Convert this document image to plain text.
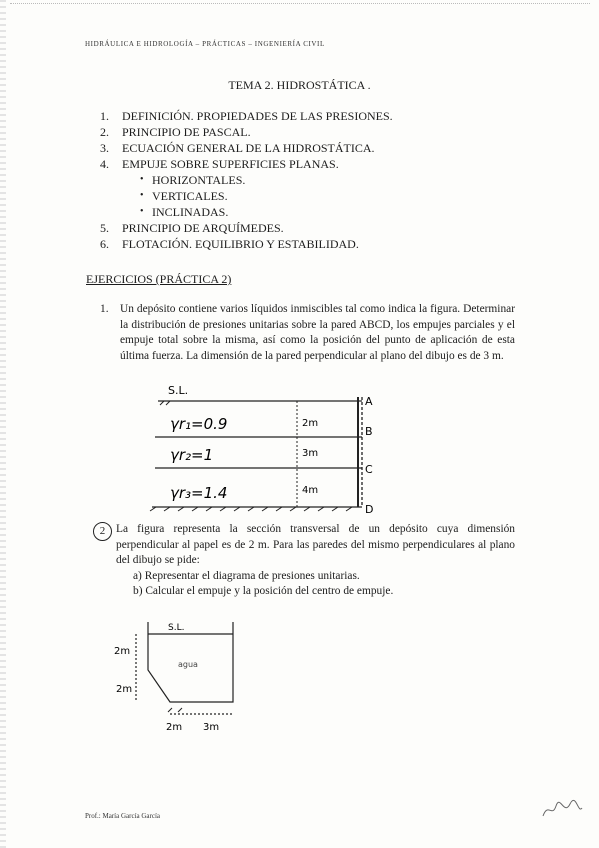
HIDRÁULICA E HIDROLOGÍA – PRÁCTICAS – INGENIERÍA CIVIL
TEMA 2. HIDROSTÁTICA .
1.	DEFINICIÓN. PROPIEDADES DE LAS PRESIONES.
2.	PRINCIPIO DE PASCAL.
3.	ECUACIÓN GENERAL DE LA HIDROSTÁTICA.
4.	EMPUJE SOBRE SUPERFICIES PLANAS.
• HORIZONTALES.
• VERTICALES.
• INCLINADAS.
5.	PRINCIPIO DE ARQUÍMEDES.
6.	FLOTACIÓN. EQUILIBRIO Y ESTABILIDAD.
EJERCICIOS (PRÁCTICA 2)
1. Un depósito contiene varios líquidos inmiscibles tal como indica la figura. Determinar la distribución de presiones unitarias sobre la pared ABCD, los empujes parciales y el empuje total sobre la misma, así como la posición del punto de aplicación de esta última fuerza. La dimensión de la pared perpendicular al plano del dibujo es de 3 m.

S.L.
γr₁=0.9
γr₂=1
γr₃=1.4
2m
3m
4m
A
B
C
D
2 La figura representa la sección transversal de un depósito cuya dimensión perpendicular al papel es de 2 m. Para las paredes del mismo perpendiculares al plano del dibujo se pide:

a) Representar el diagrama de presiones unitarias.
b) Calcular el empuje y la posición del centro de empuje.
S.L.
agua
2m
2m
2m 3m
Prof.: María García García
